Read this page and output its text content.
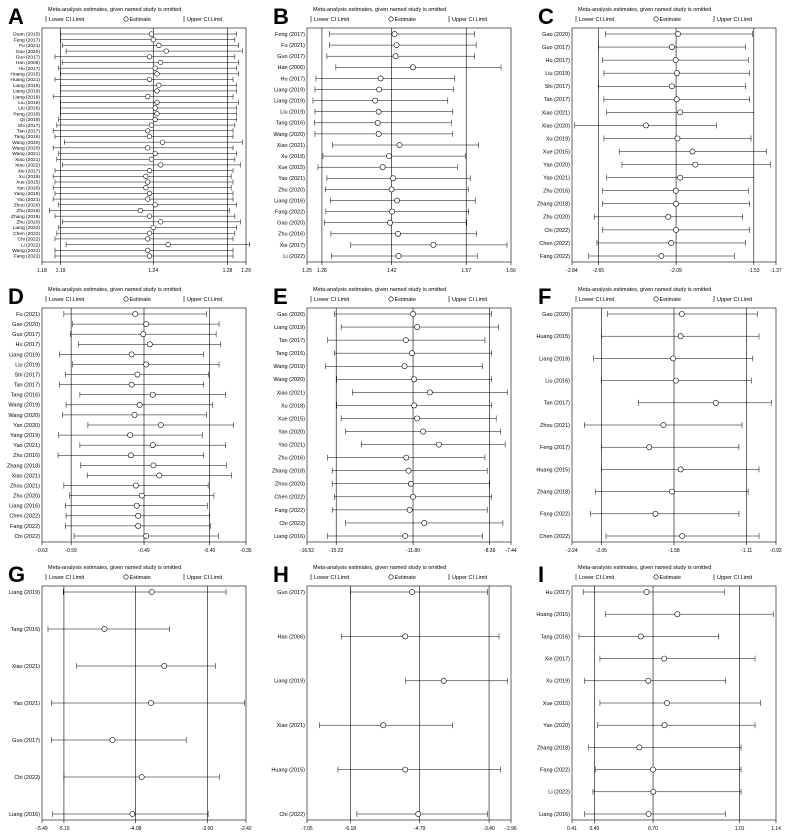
A	Meta-analysis estimates, given named study is omitted
Lower CI Limit	Estimate	Upper CI Limit
Duan (2015)
Feng (2017)
Fu (2021)
Gao (2020)
Guo (2017)
Han (2006)
Hu (2017)
Huang (2015)
Huang (2021)
Liang (2016)
Liang (2019)
Liang (2019)
Liu (2019)
Liu (2016)
Peng (2019)
Qi (2019)
Shi (2017)
Tan (2017)
Tang (2016)
Wang (2020)
Wang (2020)
Wang (2021)
Xiao (2021)
Xiao (2022)
Xie (2017)
Xu (2019)
Xue (2015)
Yan (2020)
Yang (2019)
Yao (2021)
Zhou (2020)
Zhu (2016)
Zhang (2018)
Zhu (2020)
Liang (2022)
Chen (2022)
Chi (2022)
Li (2022)
Wang (2022)
Fang (2022)
1.18 1.19	1.24	1.28 1.29
B	Meta-analysis estimates, given named study is omitted
Lower CI Limit	Estimate	Upper CI Limit
Feng (2017)
Fu (2021)
Guo (2017)
Han (2006)
Hu (2017)
Liang (2019)
Liang (2019)
Liu (2019)
Tang (2016)
Wang (2020)
Xiao (2021)
Xu (2019)
Xue (2015)
Yao (2021)
Zhu (2020)
Liang (2016)
Fang (2022)
Gao (2020)
Zhu (2016)
Xie (2017)
Li (2022)
1.25 1.28	1.42	1.57	1.66
C	Meta-analysis estimates, given named study is omitted
Lower CI Limit	Estimate	Upper CI Limit
Gao (2020)
Guo (2017)
Hu (2017)
Liu (2019)
Shi (2017)
Tan (2017)
Xiao (2021)
Xiao (2020)
Xu (2019)
Xue (2015)
Yan (2020)
Yao (2021)
Zhu (2016)
Zhang (2018)
Zhu (2020)
Chi (2022)
Chen (2022)
Fang (2022)
-2.84	-2.65	-2.09	-1.53 -1.37
D	Meta-analysis estimates, given named study is omitted
Lower CI Limit	Estimate	Upper CI Limit
Fu (2021)
Gao (2020)
Guo (2017)
Hu (2017)
Liang (2019)
Liu (2019)
Shi (2017)
Tan (2017)
Tang (2016)
Wang (2019)
Wang (2020)
Yan (2020)
Yang (2019)
Yao (2021)
Zhu (2016)
Zhang (2018)
Xiao (2021)
Zhou (2021)
Zhu (2020)
Liang (2016)
Chen (2022)
Fang (2022)
Chi (2022)
-0.63	-0.59	-0.49	-0.40	-0.35
E	Meta-analysis estimates, given named study is omitted
Lower CI Limit	Estimate	Upper CI Limit
Gao (2020)
Liang (2019)
Tan (2017)
Tang (2016)
Wang (2019)
Wang (2020)
Xiao (2021)
Xu (2018)
Xue (2015)
Yan (2020)
Yao (2021)
Zhu (2016)
Zhang (2018)
Zhou (2020)
Chen (2022)
Fang (2022)
Chi (2022)
Liang (2016)
-16.52	-15.22	-11.80	-8.39 -7.44
F	Meta-analysis estimates, given named study is omitted
Lower CI Limit	Estimate	Upper CI Limit
Gao (2020)
Huang (2015)
Liang (2019)
Liu (2016)
Tan (2017)
Zhou (2021)
Feng (2017)
Huang (2015)
Zhang (2018)
Fang (2022)
Chen (2022)
-2.24	-2.05	-1.58	-1.11	-0.92
G	Meta-analysis estimates, given named study is omitted
Lower CI Limit	Estimate	Upper CI Limit
Liang (2019)
Tang (2016)
Xiao (2021)
Yao (2021)
Guo (2017)
Chi (2022)
Liang (2016)
-5.49 -5.16	-4.08	-3.00	-2.42
H	Meta-analysis estimates, given named study is omitted
Lower CI Limit	Estimate	Upper CI Limit
Guo (2017)
Han (2006)
Liang (2019)
Xiao (2021)
Huang (2015)
Chi (2022)
-7.05	-6.18	-4.79	-3.40 -2.96
I	Meta-analysis estimates, given named study is omitted
Lower CI Limit	Estimate	Upper CI Limit
Hu (2017)
Huang (2015)
Tang (2016)
Xie (2017)
Xu (2019)
Xue (2015)
Yan (2020)
Zhang (2018)
Fang (2022)
Li (2022)
Liang (2016)
0.41	0.49	0.70	1.01	1.14
